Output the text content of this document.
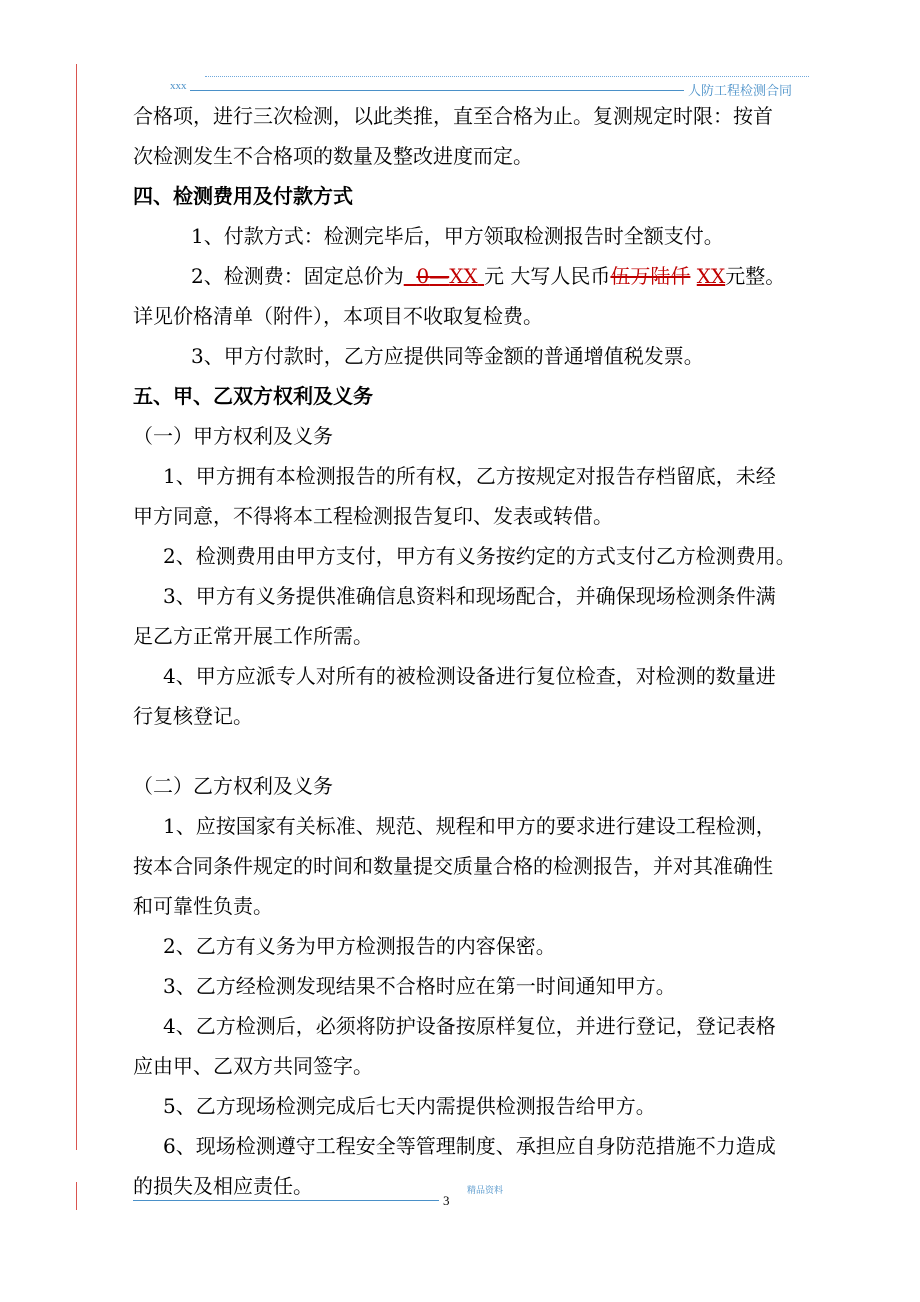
xxx	人防工程检测合同
合格项，进行三次检测，以此类推，直至合格为止。复测规定时限：按首
次检测发生不合格项的数量及整改进度而定。
四、检测费用及付款方式
1、付款方式：检测完毕后，甲方领取检测报告时全额支付。
2、检测费：固定总价为 0—XX 元 大写人民币伍万陆仟 XX元整。
详见价格清单（附件），本项目不收取复检费。
3、甲方付款时，乙方应提供同等金额的普通增值税发票。
五、甲、乙双方权利及义务
（一）甲方权利及义务
1、甲方拥有本检测报告的所有权，乙方按规定对报告存档留底，未经
甲方同意，不得将本工程检测报告复印、发表或转借。
2、检测费用由甲方支付，甲方有义务按约定的方式支付乙方检测费用。
3、甲方有义务提供准确信息资料和现场配合，并确保现场检测条件满
足乙方正常开展工作所需。
4、甲方应派专人对所有的被检测设备进行复位检查，对检测的数量进
行复核登记。
（二）乙方权利及义务
1、应按国家有关标准、规范、规程和甲方的要求进行建设工程检测，
按本合同条件规定的时间和数量提交质量合格的检测报告，并对其准确性
和可靠性负责。
2、乙方有义务为甲方检测报告的内容保密。
3、乙方经检测发现结果不合格时应在第一时间通知甲方。
4、乙方检测后，必须将防护设备按原样复位，并进行登记，登记表格
应由甲、乙双方共同签字。
5、乙方现场检测完成后七天内需提供检测报告给甲方。
6、现场检测遵守工程安全等管理制度、承担应自身防范措施不力造成
的损失及相应责任。	精品资料
3
